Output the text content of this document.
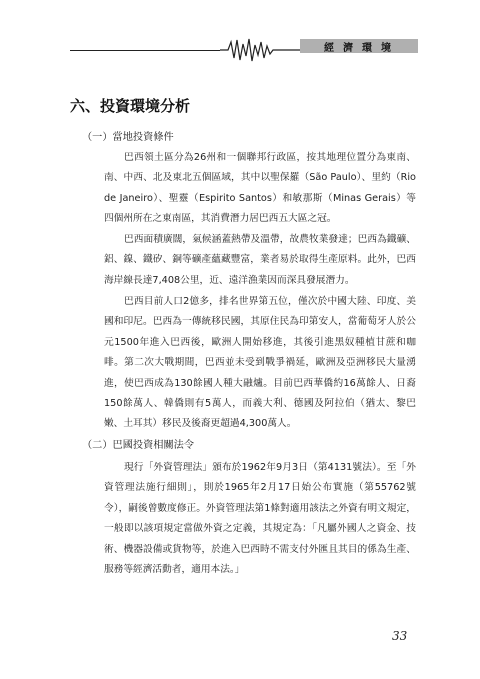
經濟環境
六、投資環境分析
（一）當地投資條件

巴西領土區分為26州和一個聯邦行政區，按其地理位置分為東南、南、中西、北及東北五個區域，其中以聖保羅（São Paulo）、里約（Rio de Janeiro）、聖靈（Espirito Santos）和敏那斯（Minas Gerais）等四個州所在之東南區，其消費潛力居巴西五大區之冠。

巴西面積廣闊，氣候涵蓋熱帶及溫帶，故農牧業發達；巴西為鐵礦、鋁、鎳、鐵矽、銅等礦產蘊藏豐富，業者易於取得生產原料。此外，巴西海岸線長達7,408公里，近、遠洋漁業因而深具發展潛力。

巴西目前人口2億多，排名世界第五位，僅次於中國大陸、印度、美國和印尼。巴西為一傳統移民國，其原住民為印第安人，當葡萄牙人於公元1500年進入巴西後，歐洲人開始移進，其後引進黑奴種植甘蔗和咖啡。第二次大戰期間，巴西並未受到戰爭禍延，歐洲及亞洲移民大量湧進，使巴西成為130餘國人種大融爐。目前巴西華僑約16萬餘人、日裔150餘萬人、韓僑則有5萬人，而義大利、德國及阿拉伯（猶太、黎巴嫩、土耳其）移民及後裔更超過4,300萬人。

（二）巴國投資相關法令

現行「外資管理法」頒布於1962年9月3日（第4131號法）。至「外資管理法施行細則」，則於1965年2月17日始公布實施（第55762號令），嗣後曾數度修正。外資管理法第1條對適用該法之外資有明文規定，一般即以該項規定當做外資之定義，其規定為：「凡屬外國人之資金、技術、機器設備或貨物等，於進入巴西時不需支付外匯且其目的係為生產、服務等經濟活動者，適用本法。」

33
